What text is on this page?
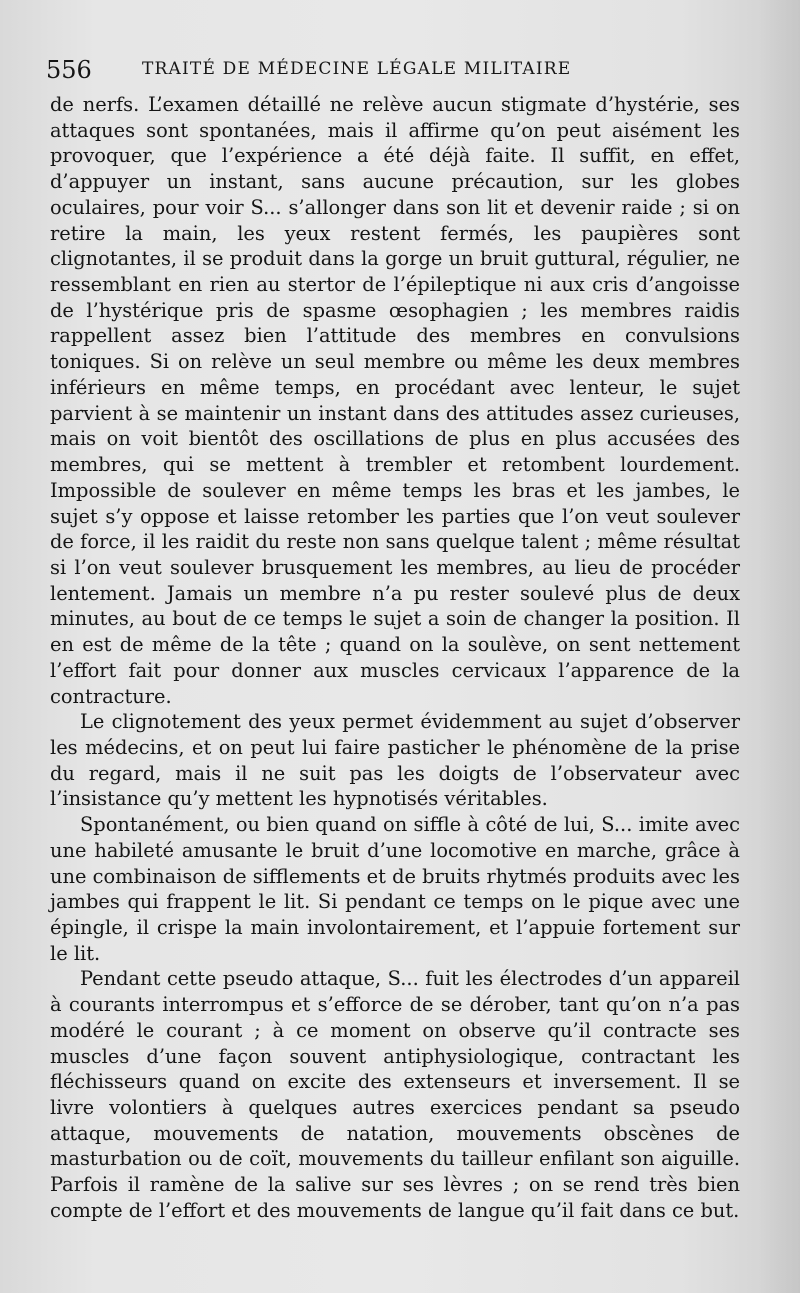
556	TRAITÉ DE MÉDECINE LÉGALE MILITAIRE

de nerfs. L’examen détaillé ne relève aucun stigmate d’hystérie, ses attaques sont spontanées, mais il affirme qu’on peut aisément les provoquer, que l’expérience a été déjà faite. Il suffit, en effet, d’appuyer un instant, sans aucune précaution, sur les globes oculaires, pour voir S... s’allonger dans son lit et devenir raide ; si on retire la main, les yeux restent fermés, les paupières sont clignotantes, il se produit dans la gorge un bruit guttural, régulier, ne ressemblant en rien au stertor de l’épileptique ni aux cris d’angoisse de l’hystérique pris de spasme œsophagien ; les membres raidis rappellent assez bien l’attitude des membres en convulsions toniques. Si on relève un seul membre ou même les deux membres inférieurs en même temps, en procédant avec lenteur, le sujet parvient à se maintenir un instant dans des attitudes assez curieuses, mais on voit bientôt des oscillations de plus en plus accusées des membres, qui se mettent à trembler et retombent lourdement. Impossible de soulever en même temps les bras et les jambes, le sujet s’y oppose et laisse retomber les parties que l’on veut soulever de force, il les raidit du reste non sans quelque talent ; même résultat si l’on veut soulever brusquement les membres, au lieu de procéder lentement. Jamais un membre n’a pu rester soulevé plus de deux minutes, au bout de ce temps le sujet a soin de changer la position. Il en est de même de la tête ; quand on la soulève, on sent nettement l’effort fait pour donner aux muscles cervicaux l’apparence de la contracture.

Le clignotement des yeux permet évidemment au sujet d’observer les médecins, et on peut lui faire pasticher le phénomène de la prise du regard, mais il ne suit pas les doigts de l’observateur avec l’insistance qu’y mettent les hypnotisés véritables.

Spontanément, ou bien quand on siffle à côté de lui, S... imite avec une habileté amusante le bruit d’une locomotive en marche, grâce à une combinaison de sifflements et de bruits rhytmés produits avec les jambes qui frappent le lit. Si pendant ce temps on le pique avec une épingle, il crispe la main involontairement, et l’appuie fortement sur le lit.

Pendant cette pseudo attaque, S... fuit les électrodes d’un appareil à courants interrompus et s’efforce de se dérober, tant qu’on n’a pas modéré le courant ; à ce moment on observe qu’il contracte ses muscles d’une façon souvent antiphysiologique, contractant les fléchisseurs quand on excite des extenseurs et inversement. Il se livre volontiers à quelques autres exercices pendant sa pseudo attaque, mouvements de natation, mouvements obscènes de masturbation ou de coït, mouvements du tailleur enfilant son aiguille. Parfois il ramène de la salive sur ses lèvres ; on se rend très bien compte de l’effort et des mouvements de langue qu’il fait dans ce but.
